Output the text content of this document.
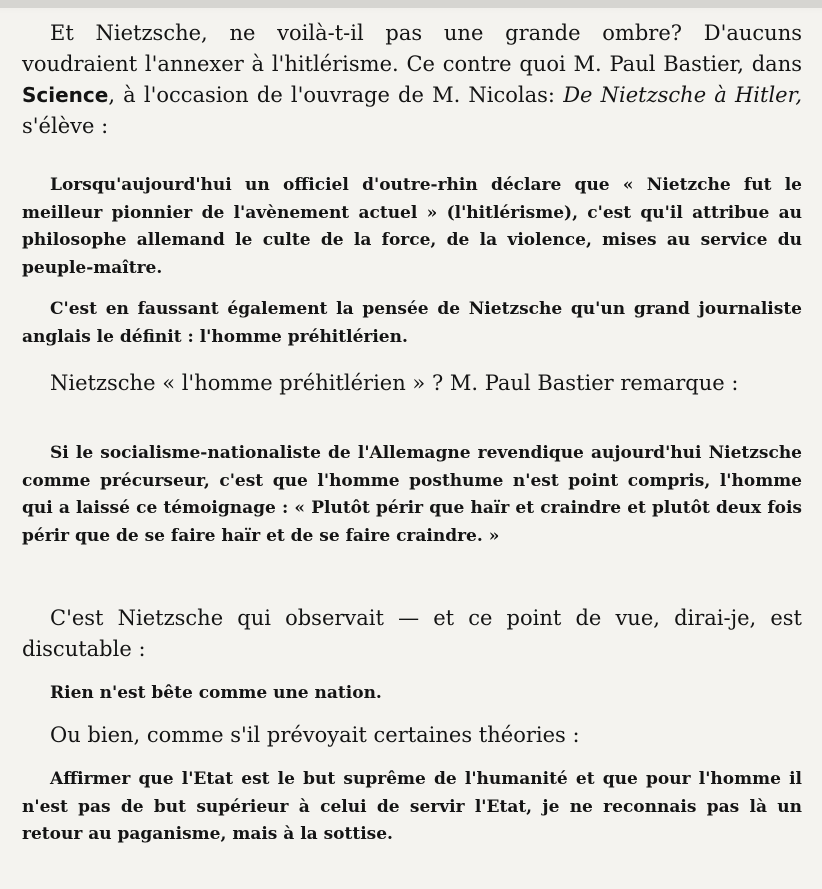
Et Nietzsche, ne voilà-t-il pas une grande ombre? D'aucuns voudraient l'annexer à l'hitlérisme. Ce contre quoi M. Paul Bastier, dans Science, à l'occasion de l'ouvrage de M. Nicolas: De Nietzsche à Hitler, s'élève :

Lorsqu'aujourd'hui un officiel d'outre-rhin déclare que « Nietzche fut le meilleur pionnier de l'avènement actuel » (l'hitlérisme), c'est qu'il attribue au philosophe allemand le culte de la force, de la violence, mises au service du peuple-maître.

C'est en faussant également la pensée de Nietzsche qu'un grand journaliste anglais le définit : l'homme préhitlérien.

Nietzsche « l'homme préhitlérien » ? M. Paul Bastier remarque :

Si le socialisme-nationaliste de l'Allemagne revendique aujourd'hui Nietzsche comme précurseur, c'est que l'homme posthume n'est point compris, l'homme qui a laissé ce témoignage : « Plutôt périr que haïr et craindre et plutôt deux fois périr que de se faire haïr et de se faire craindre. »

C'est Nietzsche qui observait — et ce point de vue, dirai-je, est discutable :

Rien n'est bête comme une nation.

Ou bien, comme s'il prévoyait certaines théories :

Affirmer que l'Etat est le but suprême de l'humanité et que pour l'homme il n'est pas de but supérieur à celui de servir l'Etat, je ne reconnais pas là un retour au paganisme, mais à la sottise.
